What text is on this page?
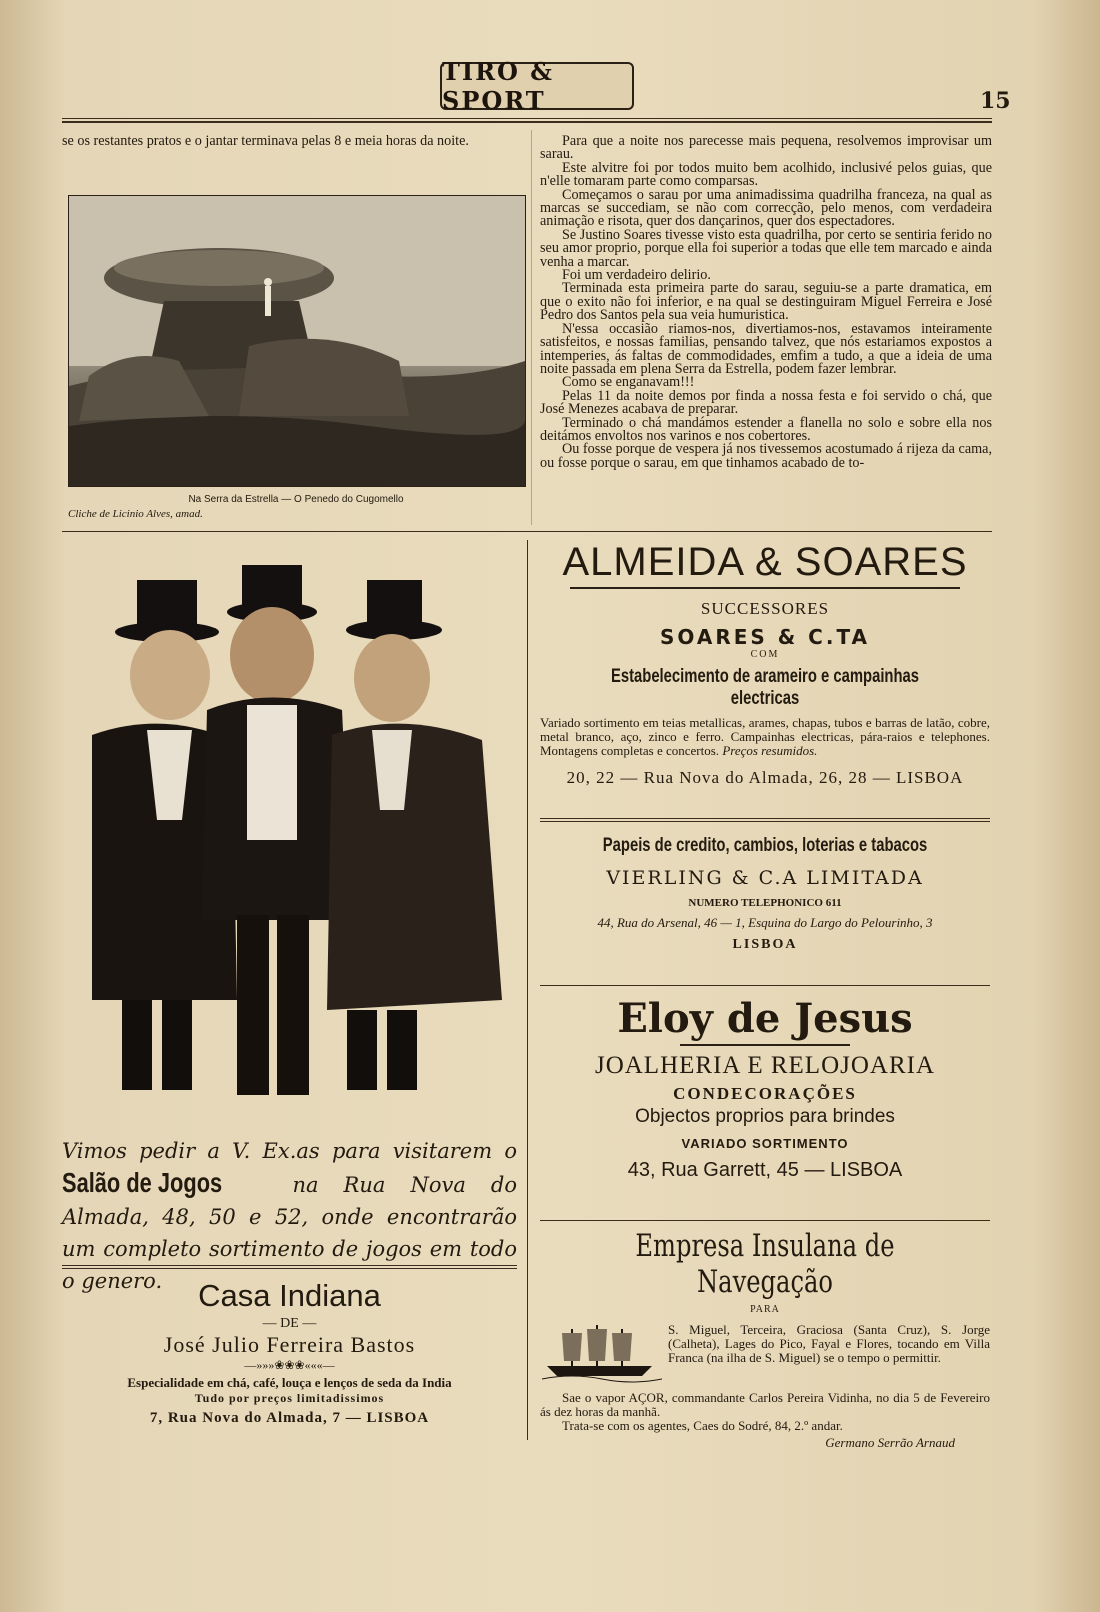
TIRO & SPORT	15

se os restantes pratos e o jantar terminava pelas 8 e meia horas da noite.

Na Serra da Estrella — O Penedo do Cugomello
Cliche de Licinio Alves, amad.

Para que a noite nos parecesse mais pequena, resolvemos improvisar um sarau.

Este alvitre foi por todos muito bem acolhido, inclusivé pelos guias, que n'elle tomaram parte como comparsas.

Começamos o sarau por uma animadissima quadrilha franceza, na qual as marcas se succediam, se não com correcção, pelo menos, com verdadeira animação e risota, quer dos dançarinos, quer dos espectadores.

Se Justino Soares tivesse visto esta quadrilha, por certo se sentiria ferido no seu amor proprio, porque ella foi superior a todas que elle tem marcado e ainda venha a marcar.

Foi um verdadeiro delirio.

Terminada esta primeira parte do sarau, seguiu-se a parte dramatica, em que o exito não foi inferior, e na qual se destinguiram Miguel Ferreira e José Pedro dos Santos pela sua veia humuristica.

N'essa occasião riamos-nos, divertiamos-nos, estavamos inteiramente satisfeitos, e nossas familias, pensando talvez, que nós estariamos expostos a intemperies, ás faltas de commodidades, emfim a tudo, a que a ideia de uma noite passada em plena Serra da Estrella, podem fazer lembrar.

Como se enganavam!!!

Pelas 11 da noite demos por finda a nossa festa e foi servido o chá, que José Menezes acabava de preparar.

Terminado o chá mandámos estender a flanella no solo e sobre ella nos deitámos envoltos nos varinos e nos cobertores.

Ou fosse porque de vespera já nos tivessemos acostumado á rijeza da cama, ou fosse porque o sarau, em que tinhamos acabado de to-

Vimos pedir a V. Ex.as para visitarem o Salão de Jogos	na Rua Nova do Almada, 48, 50 e 52, onde encontrarão um completo sortimento de jogos em todo o genero.	Casa Indiana
— DE —
José Julio Ferreira Bastos
—»»»❀❀❀«««—
Especialidade em chá, café, louça e lenços de seda da India
Tudo por preços limitadissimos
7, Rua Nova do Almada, 7 — LISBOA
ALMEIDA & SOARES
SUCCESSORES
SOARES & C.TA
COM
Estabelecimento de arameiro e campainhas electricas
Variado sortimento em teias metallicas, arames, chapas, tubos e barras de latão, cobre, metal branco, aço, zinco e ferro. Campainhas electricas, pára-raios e telephones. Montagens completas e concertos. Preços resumidos.
20, 22 — Rua Nova do Almada, 26, 28 — LISBOA
Papeis de credito, cambios, loterias e tabacos
VIERLING & C.A LIMITADA
NUMERO TELEPHONICO 611
44, Rua do Arsenal, 46 — 1, Esquina do Largo do Pelourinho, 3
LISBOA
Eloy de Jesus
JOALHERIA E RELOJOARIA
CONDECORAÇÕES
Objectos proprios para brindes
VARIADO SORTIMENTO
43, Rua Garrett, 45 — LISBOA
Empresa Insulana de Navegação
PARA
S. Miguel, Terceira, Graciosa (Santa Cruz), S. Jorge (Calheta), Lages do Pico, Fayal e Flores, tocando em Villa Franca (na ilha de S. Miguel) se o tempo o permittir.
Sae o vapor AÇOR, commandante Carlos Pereira Vidinha, no dia 5 de Fevereiro ás dez horas da manhã.
Trata-se com os agentes, Caes do Sodré, 84, 2.º andar.
Germano Serrão Arnaud
